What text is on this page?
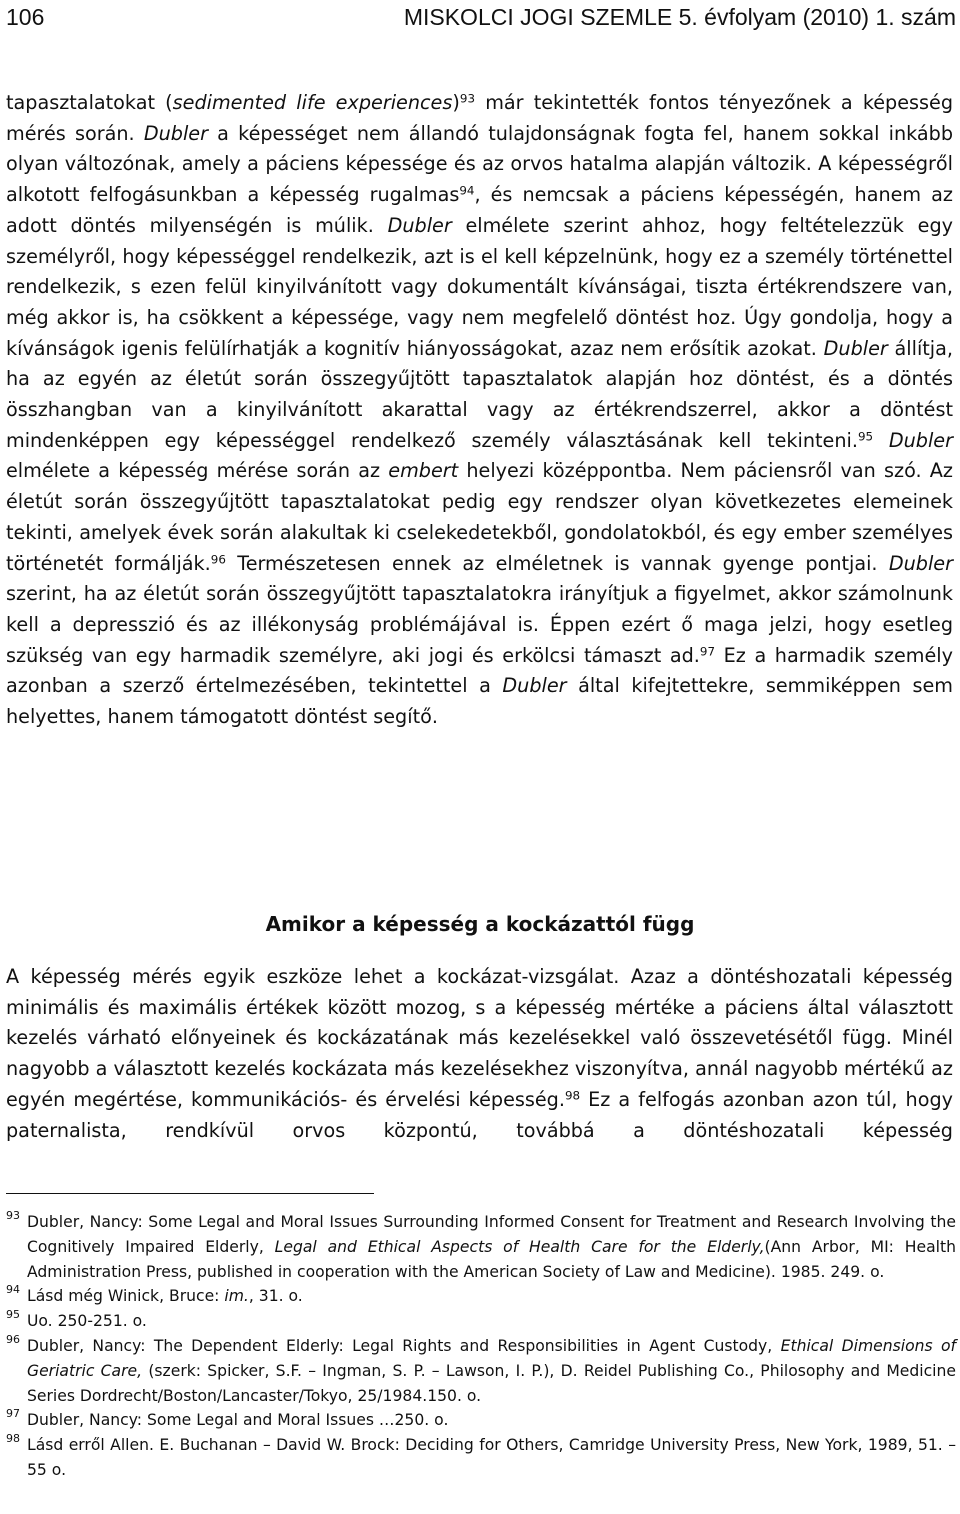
106	MISKOLCI JOGI SZEMLE 5. évfolyam (2010) 1. szám
tapasztalatokat (sedimented life experiences)$^{93}$ már tekintették fontos tényezőnek a képesség mérés során. Dubler a képességet nem állandó tulajdonságnak fogta fel, hanem sokkal inkább olyan változónak, amely a páciens képessége és az orvos hatalma alapján változik. A képességről alkotott felfogásunkban a képesség rugalmas$^{94}$, és nemcsak a páciens képességén, hanem az adott döntés milyenségén is múlik. Dubler elmélete szerint ahhoz, hogy feltételezzük egy személyről, hogy képességgel rendelkezik, azt is el kell képzelnünk, hogy ez a személy történettel rendelkezik, s ezen felül kinyilvánított vagy dokumentált kívánságai, tiszta értékrendszere van, még akkor is, ha csökkent a képessége, vagy nem megfelelő döntést hoz. Úgy gondolja, hogy a kívánságok igenis felülírhatják a kognitív hiányosságokat, azaz nem erősítik azokat. Dubler állítja, ha az egyén az életút során összegyűjtött tapasztalatok alapján hoz döntést, és a döntés összhangban van a kinyilvánított akarattal vagy az értékrendszerrel, akkor a döntést mindenképpen egy képességgel rendelkező személy választásának kell tekinteni.$^{95}$ Dubler elmélete a képesség mérése során az embert helyezi középpontba. Nem páciensről van szó. Az életút során összegyűjtött tapasztalatokat pedig egy rendszer olyan következetes elemeinek tekinti, amelyek évek során alakultak ki cselekedetekből, gondolatokból, és egy ember személyes történetét formálják.$^{96}$ Természetesen ennek az elméletnek is vannak gyenge pontjai. Dubler szerint, ha az életút során összegyűjtött tapasztalatokra irányítjuk a figyelmet, akkor számolnunk kell a depresszió és az illékonyság problémájával is. Éppen ezért ő maga jelzi, hogy esetleg szükség van egy harmadik személyre, aki jogi és erkölcsi támaszt ad.$^{97}$ Ez a harmadik személy azonban a szerző értelmezésében, tekintettel a Dubler által kifejtettekre, semmiképpen sem helyettes, hanem támogatott döntést segítő.
Amikor a képesség a kockázattól függ
A képesség mérés egyik eszköze lehet a kockázat-vizsgálat. Azaz a döntéshozatali képesség minimális és maximális értékek között mozog, s a képesség mértéke a páciens által választott kezelés várható előnyeinek és kockázatának más kezelésekkel való összevetésétől függ. Minél nagyobb a választott kezelés kockázata más kezelésekhez viszonyítva, annál nagyobb mértékű az egyén megértése, kommunikációs- és érvelési képesség.$^{98}$ Ez a felfogás azonban azon túl, hogy paternalista, rendkívül orvos központú, továbbá a döntéshozatali képesség
93 Dubler, Nancy: Some Legal and Moral Issues Surrounding Informed Consent for Treatment and Research Involving the Cognitively Impaired Elderly, Legal and Ethical Aspects of Health Care for the Elderly,(Ann Arbor, MI: Health Administration Press, published in cooperation with the American Society of Law and Medicine). 1985. 249. o.
94 Lásd még Winick, Bruce: im., 31. o.
95 Uo. 250-251. o.
96 Dubler, Nancy: The Dependent Elderly: Legal Rights and Responsibilities in Agent Custody, Ethical Dimensions of Geriatric Care, (szerk: Spicker, S.F. – Ingman, S. P. – Lawson, I. P.), D. Reidel Publishing Co., Philosophy and Medicine Series Dordrecht/Boston/Lancaster/Tokyo, 25/1984.150. o.
97 Dubler, Nancy: Some Legal and Moral Issues …250. o.
98 Lásd erről Allen. E. Buchanan – David W. Brock: Deciding for Others, Camridge University Press, New York, 1989, 51. – 55 o.
